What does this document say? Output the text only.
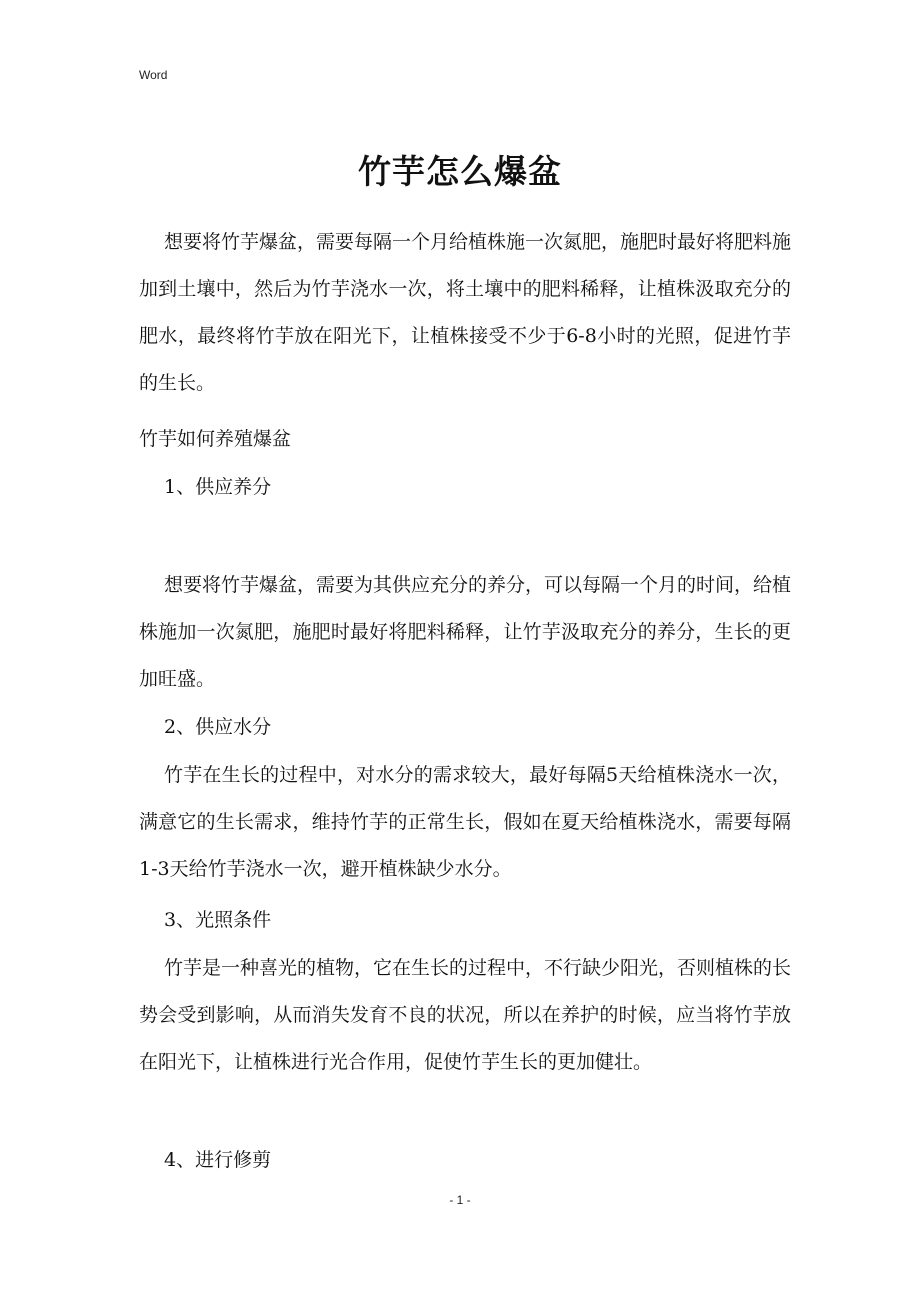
Word
竹芋怎么爆盆

想要将竹芋爆盆，需要每隔一个月给植株施一次氮肥，施肥时最好将肥料施加到土壤中，然后为竹芋浇水一次，将土壤中的肥料稀释，让植株汲取充分的肥水，最终将竹芋放在阳光下，让植株接受不少于6-8小时的光照，促进竹芋的生长。

竹芋如何养殖爆盆
1、供应养分

想要将竹芋爆盆，需要为其供应充分的养分，可以每隔一个月的时间，给植株施加一次氮肥，施肥时最好将肥料稀释，让竹芋汲取充分的养分，生长的更加旺盛。

2、供应水分

竹芋在生长的过程中，对水分的需求较大，最好每隔5天给植株浇水一次，满意它的生长需求，维持竹芋的正常生长，假如在夏天给植株浇水，需要每隔1-3天给竹芋浇水一次，避开植株缺少水分。

3、光照条件

竹芋是一种喜光的植物，它在生长的过程中，不行缺少阳光，否则植株的长势会受到影响，从而消失发育不良的状况，所以在养护的时候，应当将竹芋放在阳光下，让植株进行光合作用，促使竹芋生长的更加健壮。

4、进行修剪
- 1 -
